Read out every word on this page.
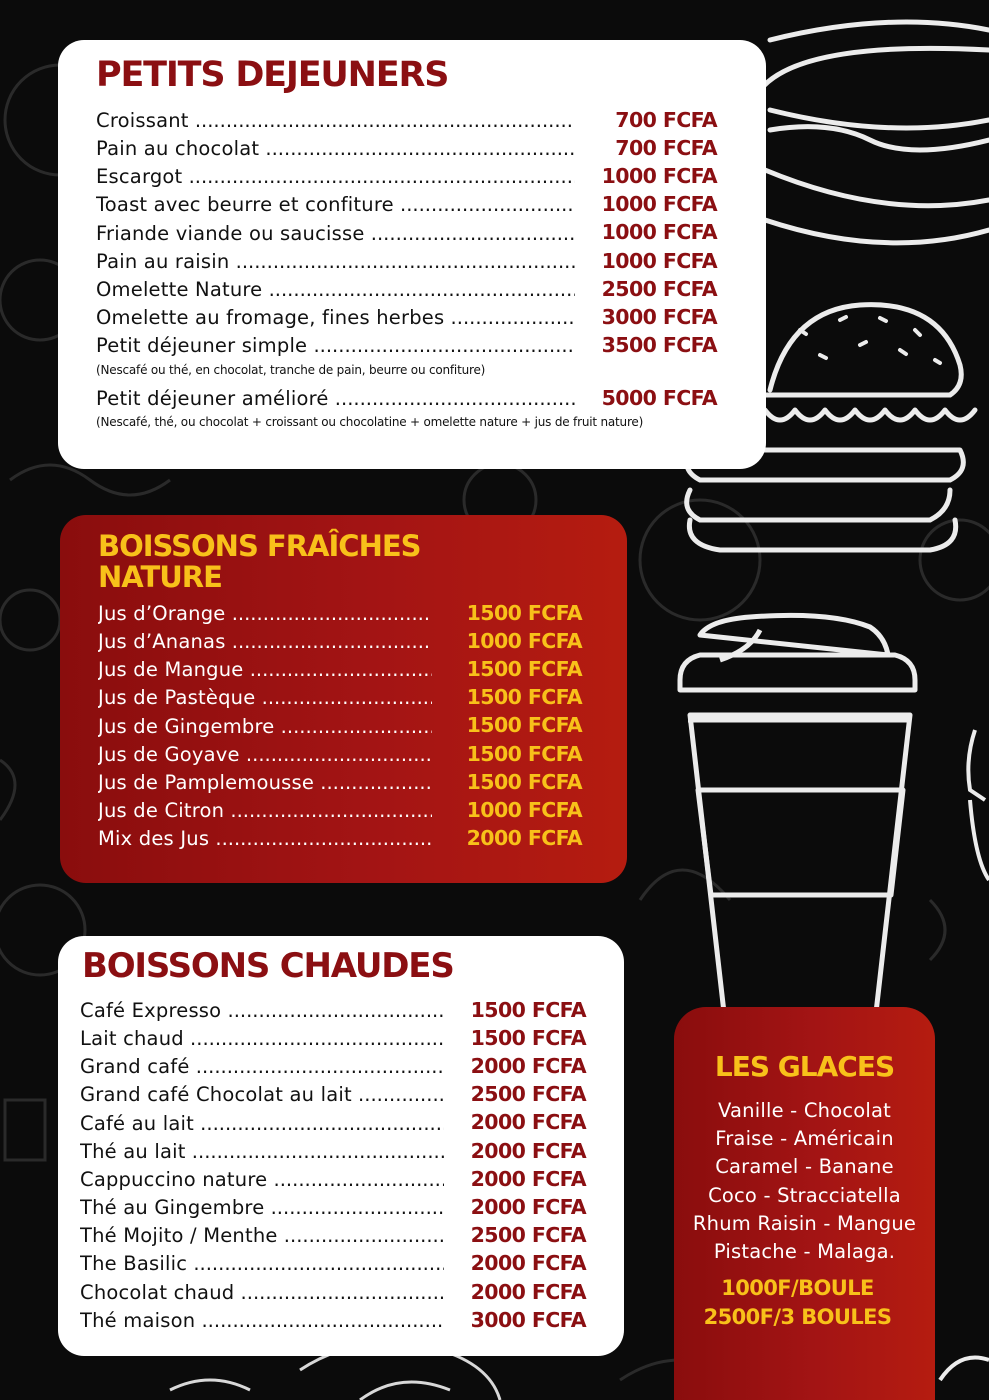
PETITS DEJEUNERS
Croissant .....	700 FCFA
Pain au chocolat .....	700 FCFA
Escargot .....	1000 FCFA
Toast avec beurre et confiture .....	1000 FCFA
Friande viande ou saucisse .....	1000 FCFA
Pain au raisin .....	1000 FCFA
Omelette Nature .....	2500 FCFA
Omelette au fromage, fines herbes .....	3000 FCFA
Petit déjeuner simple .....	3500 FCFA
(Nescafé ou thé, en chocolat, tranche de pain, beurre ou confiture)
Petit déjeuner amélioré .....	5000 FCFA
(Nescafé, thé, ou chocolat + croissant ou chocolatine + omelette nature + jus de fruit nature)
BOISSONS FRAÎCHES
NATURE
Jus d’Orange .....	1500 FCFA
Jus d’Ananas .....	1000 FCFA
Jus de Mangue .....	1500 FCFA
Jus de Pastèque .....	1500 FCFA
Jus de Gingembre .....	1500 FCFA
Jus de Goyave .....	1500 FCFA
Jus de Pamplemousse .....	1500 FCFA
Jus de Citron .....	1000 FCFA
Mix des Jus .....	2000 FCFA
BOISSONS CHAUDES
Café Expresso .....	1500 FCFA
Lait chaud .....	1500 FCFA
Grand café .....	2000 FCFA
Grand café Chocolat au lait .....	2500 FCFA
Café au lait .....	2000 FCFA
Thé au lait .....	2000 FCFA
Cappuccino nature .....	2000 FCFA
Thé au Gingembre .....	2000 FCFA
Thé Mojito / Menthe .....	2500 FCFA
The Basilic .....	2000 FCFA
Chocolat chaud .....	2000 FCFA
Thé maison .....	3000 FCFA
LES GLACES
Vanille - Chocolat
Fraise - Américain
Caramel - Banane
Coco - Stracciatella
Rhum Raisin - Mangue
Pistache - Malaga.
1000F/BOULE
2500F/3 BOULES
